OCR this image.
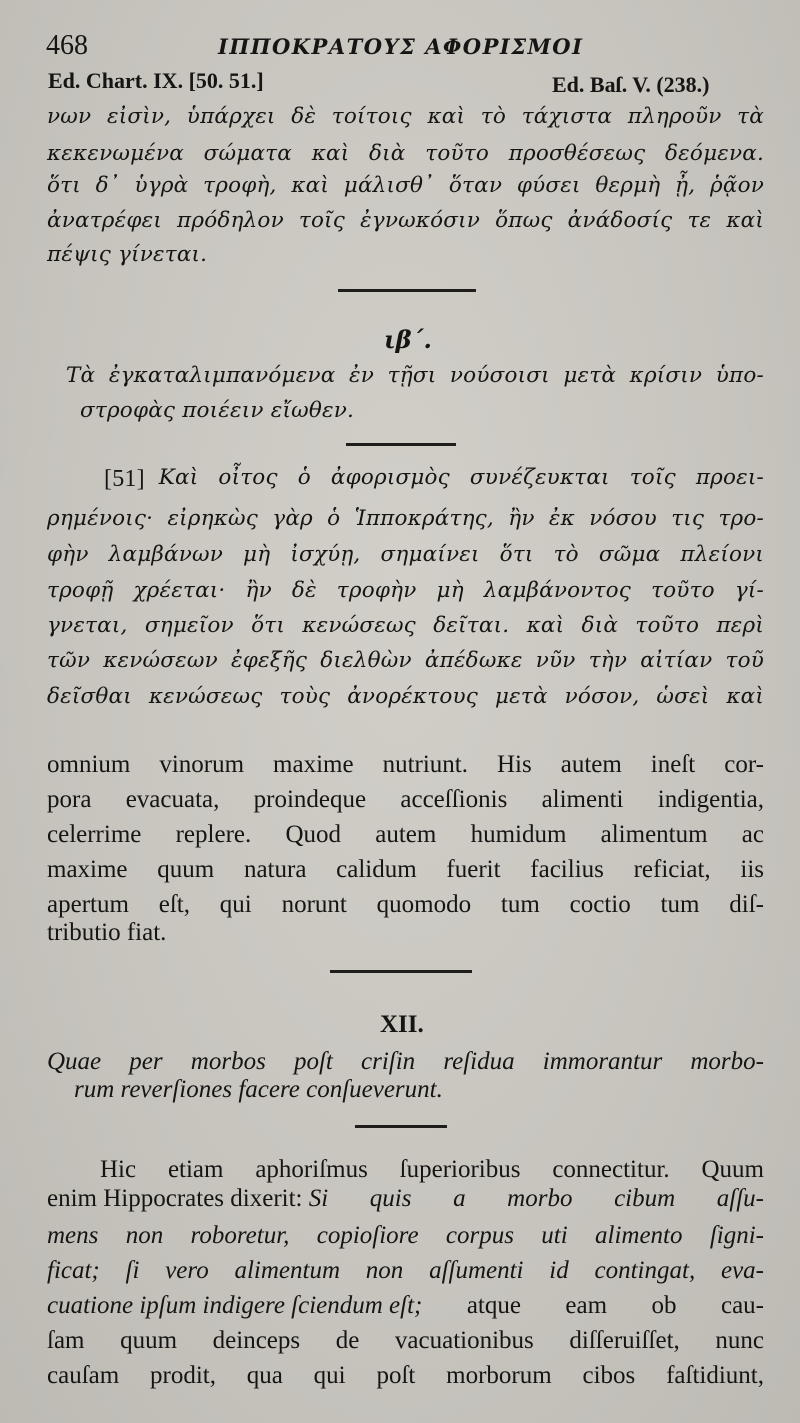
468	ΙΠΠΟΚΡΑΤΟΥΣ ΑΦΟΡΙΣΜΟΙ
Ed. Chart. IX. [50. 51.]	Ed. Baſ. V. (238.)
νων εἰσὶν, ὑπάρχει δὲ τοίτοις καὶ τὸ τάχιστα πληροῦν τὰ
κεκενωμένα σώματα καὶ διὰ τοῦτο προσθέσεως δεόμενα.
ὅτι δ᾽ ὑγρὰ τροφὴ, καὶ μάλισθ᾽ ὅταν φύσει θερμὴ ᾖ, ῥᾷον
ἀνατρέφει πρόδηλον τοῖς ἐγνωκόσιν ὅπως ἀνάδοσίς τε καὶ
πέψις γίνεται.
ιβ΄.
Τὰ ἐγκαταλιμπανόμενα ἐν τῇσι νούσοισι μετὰ κρίσιν ὑπο-
στροφὰς ποιέειν εἴωθεν.
[51] Καὶ οἶτος ὁ ἀφορισμὸς συνέζευκται τοῖς προει-
ρημένοις· εἰρηκὼς γὰρ ὁ Ἱπποκράτης, ἢν ἐκ νόσου τις τρο-
φὴν λαμβάνων μὴ ἰσχύῃ, σημαίνει ὅτι τὸ σῶμα πλείονι
τροφῇ χρέεται· ἢν δὲ τροφὴν μὴ λαμβάνοντος τοῦτο γί-
γνεται, σημεῖον ὅτι κενώσεως δεῖται. καὶ διὰ τοῦτο περὶ
τῶν κενώσεων ἐφεξῆς διελθὼν ἀπέδωκε νῦν τὴν αἰτίαν τοῦ
δεῖσθαι κενώσεως τοὺς ἀνορέκτους μετὰ νόσον, ὡσεὶ καὶ
omnium vinorum maxime nutriunt. His autem ineſt cor-
pora evacuata, proindeque acceſſionis alimenti indigentia,
celerrime replere. Quod autem humidum alimentum ac
maxime quum natura calidum fuerit facilius reficiat, iis
apertum eſt, qui norunt quomodo tum coctio tum diſ-
tributio fiat.
XII.
Quae per morbos poſt criſin reſidua immorantur morbo-
rum reverſiones facere conſueverunt.
Hic etiam aphoriſmus ſuperioribus connectitur. Quum
enim Hippocrates dixerit: Si quis a morbo cibum aſſu-
mens non roboretur, copioſiore corpus uti alimento ſigni-
ficat; ſi vero alimentum non aſſumenti id contingat, eva-
cuatione ipſum indigere ſciendum eſt; atque eam ob cau-
ſam quum deinceps de vacuationibus diſſeruiſſet, nunc
cauſam prodit, qua qui poſt morborum cibos faſtidiunt,
